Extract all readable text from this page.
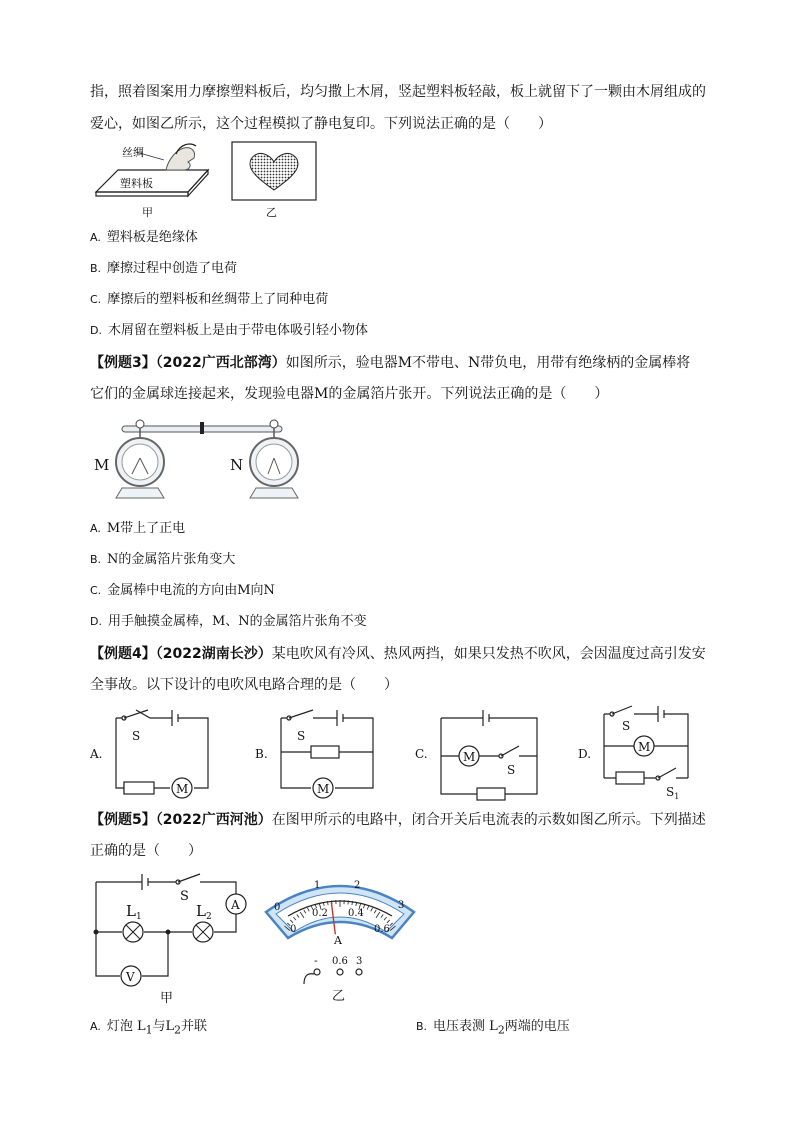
指，照着图案用力摩擦塑料板后，均匀撒上木屑，竖起塑料板轻敲，板上就留下了一颗由木屑组成的
爱心，如图乙所示，这个过程模拟了静电复印。下列说法正确的是（　　）
丝绸
塑料板
甲	乙
A. 塑料板是绝缘体
B. 摩擦过程中创造了电荷
C. 摩擦后的塑料板和丝绸带上了同种电荷
D. 木屑留在塑料板上是由于带电体吸引轻小物体
【例题3】（2022广西北部湾）如图所示，验电器M不带电、N带负电，用带有绝缘柄的金属棒将
它们的金属球连接起来，发现验电器M的金属箔片张开。下列说法正确的是（　　）
M	N
A. M带上了正电
B. N的金属箔片张角变大
C. 金属棒中电流的方向由M向N
D. 用手触摸金属棒，M、N的金属箔片张角不变
【例题4】（2022湖南长沙）某电吹风有冷风、热风两挡，如果只发热不吹风，会因温度过高引发安
全事故。以下设计的电吹风电路合理的是（　　）
A.
S
M
B.
S
M
C.	M
S
D.
S
M
$S_1$
【例题5】（2022广西河池）在图甲所示的电路中，闭合开关后电流表的示数如图乙所示。下列描述
正确的是（　　）
A
V
S
$L_1$	$L_2$
甲
0
1	2
3
0
0.2 0.4
0.6
A
- 0.6 3
乙
A. 灯泡 $L_1$与$L_2$并联	B. 电压表测 $L_2$两端的电压
